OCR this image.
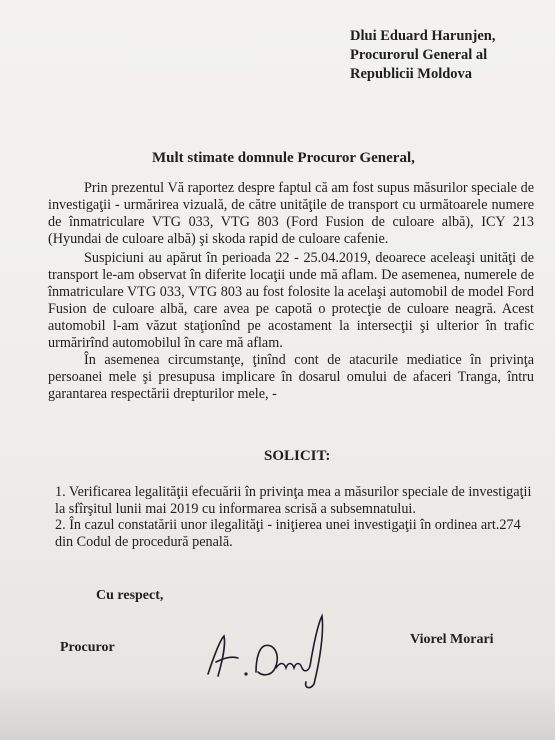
Dlui Eduard Harunjen,
Procurorul General al
Republicii Moldova
Mult stimate domnule Procuror General,

Prin prezentul Vă raportez despre faptul că am fost supus măsurilor speciale de investigaţii - urmărirea vizuală, de către unităţile de transport cu următoarele numere de înmatriculare VTG 033, VTG 803 (Ford Fusion de culoare albă), ICY 213 (Hyundai de culoare albă) şi skoda rapid de culoare cafenie.

Suspiciuni au apărut în perioada 22 - 25.04.2019, deoarece aceleaşi unităţi de transport le-am observat în diferite locaţii unde mă aflam. De asemenea, numerele de înmatriculare VTG 033, VTG 803 au fost folosite la acelaşi automobil de model Ford Fusion de culoare albă, care avea pe capotă o protecţie de culoare neagră. Acest automobil l-am văzut staţionînd pe acostament la intersecţii şi ulterior în trafic urmărirînd automobilul în care mă aflam.

În asemenea circumstanţe, ţinînd cont de atacurile mediatice în privinţa persoanei mele şi presupusa implicare în dosarul omului de afaceri Tranga, întru garantarea respectării drepturilor mele, -

SOLICIT:

1. Verificarea legalităţii efecuării în privinţa mea a măsurilor speciale de investigaţii la sfîrşitul lunii mai 2019 cu informarea scrisă a subsemnatului.

2. În cazul constatării unor ilegalităţi - iniţierea unei investigaţii în ordinea art.274 din Codul de procedură penală.

Cu respect,
Procuror
Viorel Morari
